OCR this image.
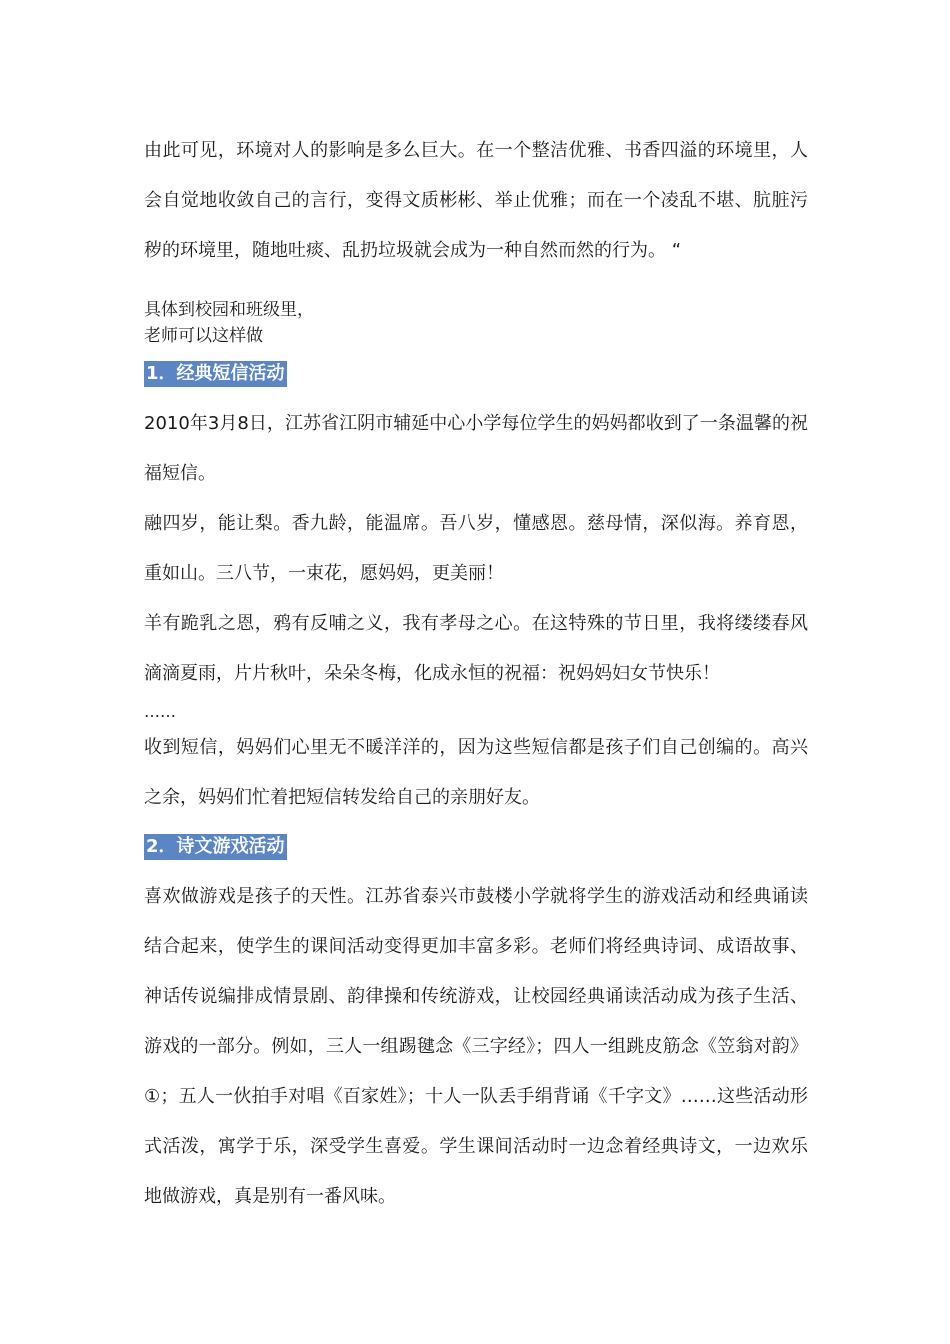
由此可见，环境对人的影响是多么巨大。在一个整洁优雅、书香四溢的环境里，人会自觉地收敛自己的言行，变得文质彬彬、举止优雅；而在一个凌乱不堪、肮脏污秽的环境里，随地吐痰、乱扔垃圾就会成为一种自然而然的行为。 “

具体到校园和班级里，

老师可以这样做

1．经典短信活动

2010年3月8日，江苏省江阴市辅延中心小学每位学生的妈妈都收到了一条温馨的祝福短信。

融四岁，能让梨。香九龄，能温席。吾八岁，懂感恩。慈母情，深似海。养育恩，重如山。三八节，一束花，愿妈妈，更美丽！

羊有跪乳之恩，鸦有反哺之义，我有孝母之心。在这特殊的节日里，我将缕缕春风滴滴夏雨，片片秋叶，朵朵冬梅，化成永恒的祝福：祝妈妈妇女节快乐！

……

收到短信，妈妈们心里无不暖洋洋的，因为这些短信都是孩子们自己创编的。高兴之余，妈妈们忙着把短信转发给自己的亲朋好友。

2．诗文游戏活动

喜欢做游戏是孩子的天性。江苏省泰兴市鼓楼小学就将学生的游戏活动和经典诵读结合起来，使学生的课间活动变得更加丰富多彩。老师们将经典诗词、成语故事、神话传说编排成情景剧、韵律操和传统游戏，让校园经典诵读活动成为孩子生活、游戏的一部分。例如，三人一组踢毽念《三字经》；四人一组跳皮筋念《笠翁对韵》①；五人一伙拍手对唱《百家姓》；十人一队丢手绢背诵《千字文》……这些活动形式活泼，寓学于乐，深受学生喜爱。学生课间活动时一边念着经典诗文，一边欢乐地做游戏，真是别有一番风味。
